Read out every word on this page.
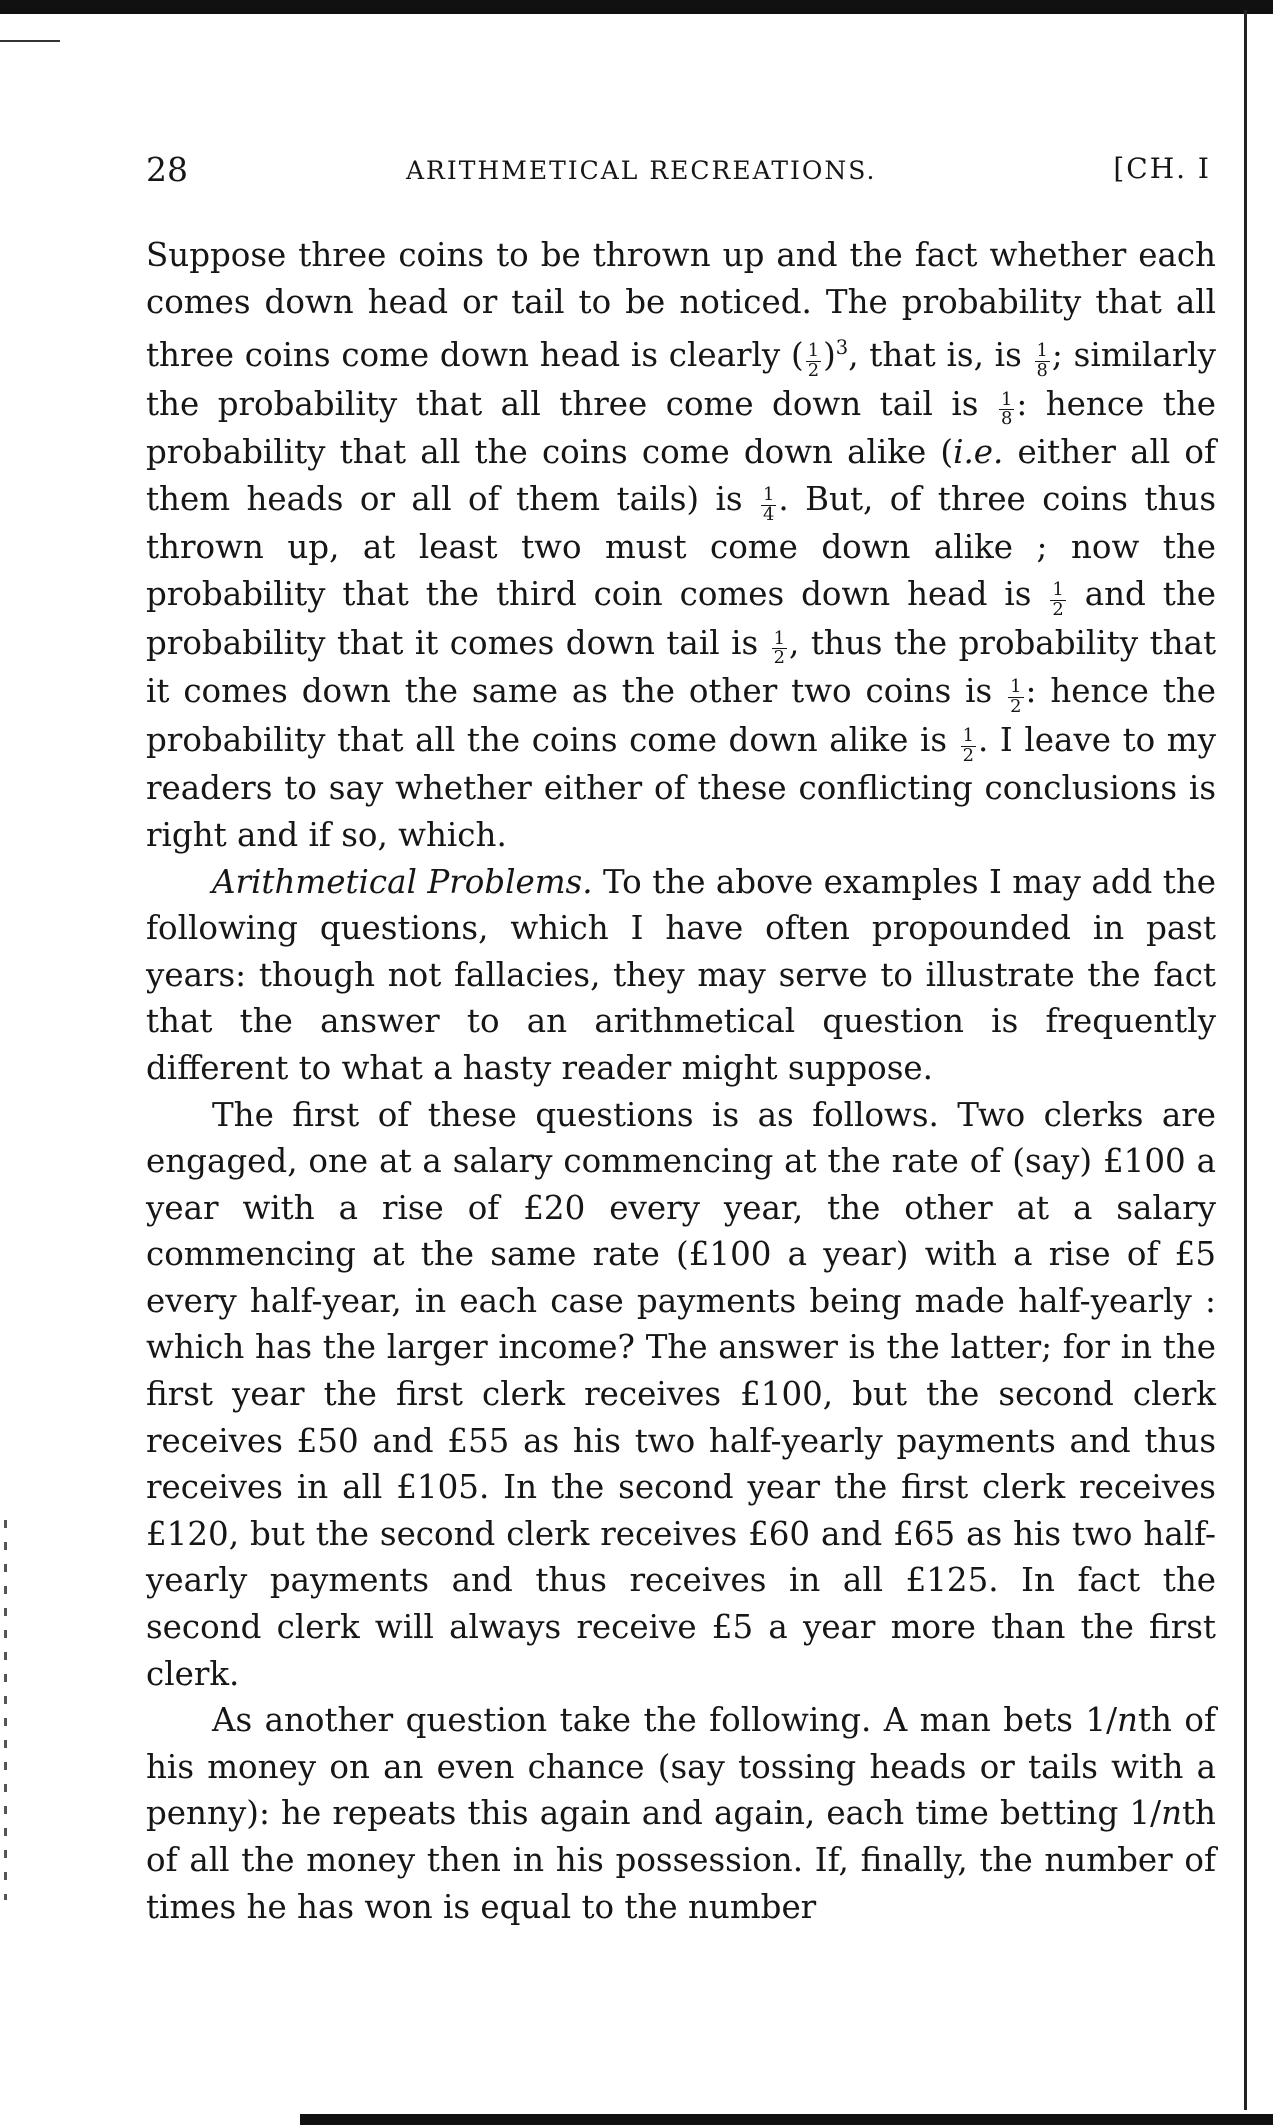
28	ARITHMETICAL RECREATIONS.	[CH. I

Suppose three coins to be thrown up and the fact whether each comes down head or tail to be noticed. The probability that all three coins come down head is clearly ( $\frac{1}{2} )^3$, that is, is $\frac{1}{8}$ ; similarly the probability that all three come down tail is $\frac{1}{8}$ : hence the probability that all the coins come down alike (i.e. either all of them heads or all of them tails) is $\frac{1}{4}$ . But, of three coins thus thrown up, at least two must come down alike ; now the probability that the third coin comes down head is $\frac{1}{2}$ and the probability that it comes down tail is $\frac{1}{2}$ , thus the probability that it comes down the same as the other two coins is $\frac{1}{2}$ : hence the probability that all the coins come down alike is $\frac{1}{2}$ . I leave to my readers to say whether either of these conflicting conclusions is right and if so, which.

Arithmetical Problems. To the above examples I may add the following questions, which I have often propounded in past years: though not fallacies, they may serve to illustrate the fact that the answer to an arithmetical question is frequently different to what a hasty reader might suppose.

The first of these questions is as follows. Two clerks are engaged, one at a salary commencing at the rate of (say) £100 a year with a rise of £20 every year, the other at a salary commencing at the same rate (£100 a year) with a rise of £5 every half-year, in each case payments being made half-yearly : which has the larger income? The answer is the latter; for in the first year the first clerk receives £100, but the second clerk receives £50 and £55 as his two half-yearly payments and thus receives in all £105. In the second year the first clerk receives £120, but the second clerk receives £60 and £65 as his two half-yearly payments and thus receives in all £125. In fact the second clerk will always receive £5 a year more than the first clerk.

As another question take the following. A man bets 1/nth of his money on an even chance (say tossing heads or tails with a penny): he repeats this again and again, each time betting 1/nth of all the money then in his possession. If, finally, the number of times he has won is equal to the number
